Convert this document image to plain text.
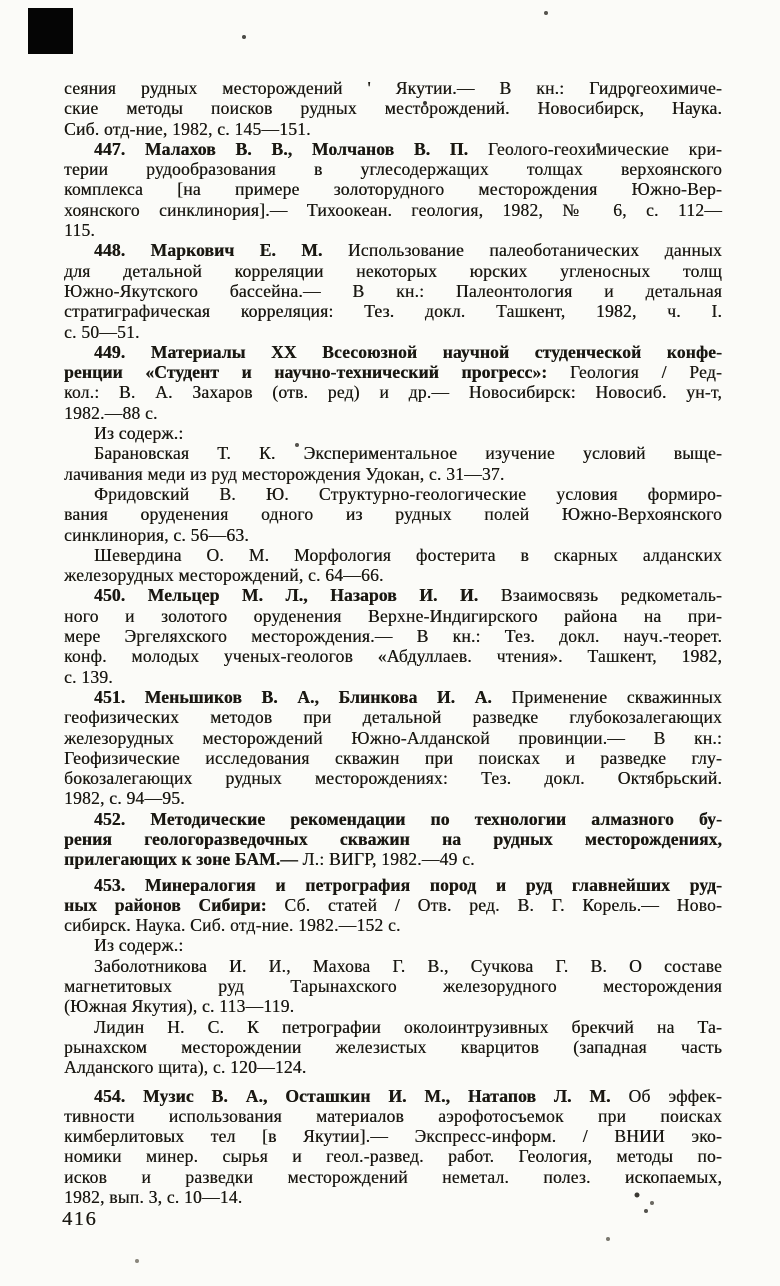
сеяния рудных месторождений ' Якутии.— В кн.: Гидрогеохимиче-
ские методы поисков рудных месторождений. Новосибирск, Наука.
Сиб. отд-ние, 1982, с. 145—151.

447. Малахов В. В., Молчанов В. П. Геолого-геохимические кри-
терии рудообразования в углесодержащих толщах верхоянского
комплекса [на примере золоторудного месторождения Южно-Вер-
хоянского синклинория].— Тихоокеан. геология, 1982, № 6, с. 112—
115.

448. Маркович Е. М. Использование палеоботанических данных
для детальной корреляции некоторых юрских угленосных толщ
Южно-Якутского бассейна.— В кн.: Палеонтология и детальная
стратиграфическая корреляция: Тез. докл. Ташкент, 1982, ч. I.
с. 50—51.

449. Материалы XX Всесоюзной научной студенческой конфе-
ренции «Студент и научно-технический прогресс»: Геология / Ред-
кол.: В. А. Захаров (отв. ред) и др.— Новосибирск: Новосиб. ун-т,
1982.—88 с.

Из содерж.:

Барановская Т. К. Экспериментальное изучение условий выще-
лачивания меди из руд месторождения Удокан, с. 31—37.

Фридовский В. Ю. Структурно-геологические условия формиро-
вания оруденения одного из рудных полей Южно-Верхоянского
синклинория, с. 56—63.

Шевердина О. М. Морфология фостерита в скарных алданских
железорудных месторождений, с. 64—66.

450. Мельцер М. Л., Назаров И. И. Взаимосвязь редкометаль-
ного и золотого оруденения Верхне-Индигирского района на при-
мере Эргеляхского месторождения.— В кн.: Тез. докл. науч.-теорет.
конф. молодых ученых-геологов «Абдуллаев. чтения». Ташкент, 1982,
с. 139.

451. Меньшиков В. А., Блинкова И. А. Применение скважинных
геофизических методов при детальной разведке глубокозалегающих
железорудных месторождений Южно-Алданской провинции.— В кн.:
Геофизические исследования скважин при поисках и разведке глу-
бокозалегающих рудных месторождениях: Тез. докл. Октябрьский.
1982, с. 94—95.

452. Методические рекомендации по технологии алмазного бу-
рения геологоразведочных скважин на рудных месторождениях,
прилегающих к зоне БАМ.— Л.: ВИГР, 1982.—49 с.

453. Минералогия и петрография пород и руд главнейших руд-
ных районов Сибири: Сб. статей / Отв. ред. В. Г. Корель.— Ново-
сибирск. Наука. Сиб. отд-ние. 1982.—152 с.

Из содерж.:

Заболотникова И. И., Махова Г. В., Сучкова Г. В. О составе
магнетитовых руд Тарынахского железорудного месторождения
(Южная Якутия), с. 113—119.

Лидин Н. С. К петрографии околоинтрузивных брекчий на Та-
рынахском месторождении железистых кварцитов (западная часть
Алданского щита), с. 120—124.

454. Музис В. А., Осташкин И. М., Натапов Л. М. Об эффек-
тивности использования материалов аэрофотосъемок при поисках
кимберлитовых тел [в Якутии].— Экспресс-информ. / ВНИИ эко-
номики минер. сырья и геол.-развед. работ. Геология, методы по-
исков и разведки месторождений неметал. полез. ископаемых,
1982, вып. 3, с. 10—14.

416
